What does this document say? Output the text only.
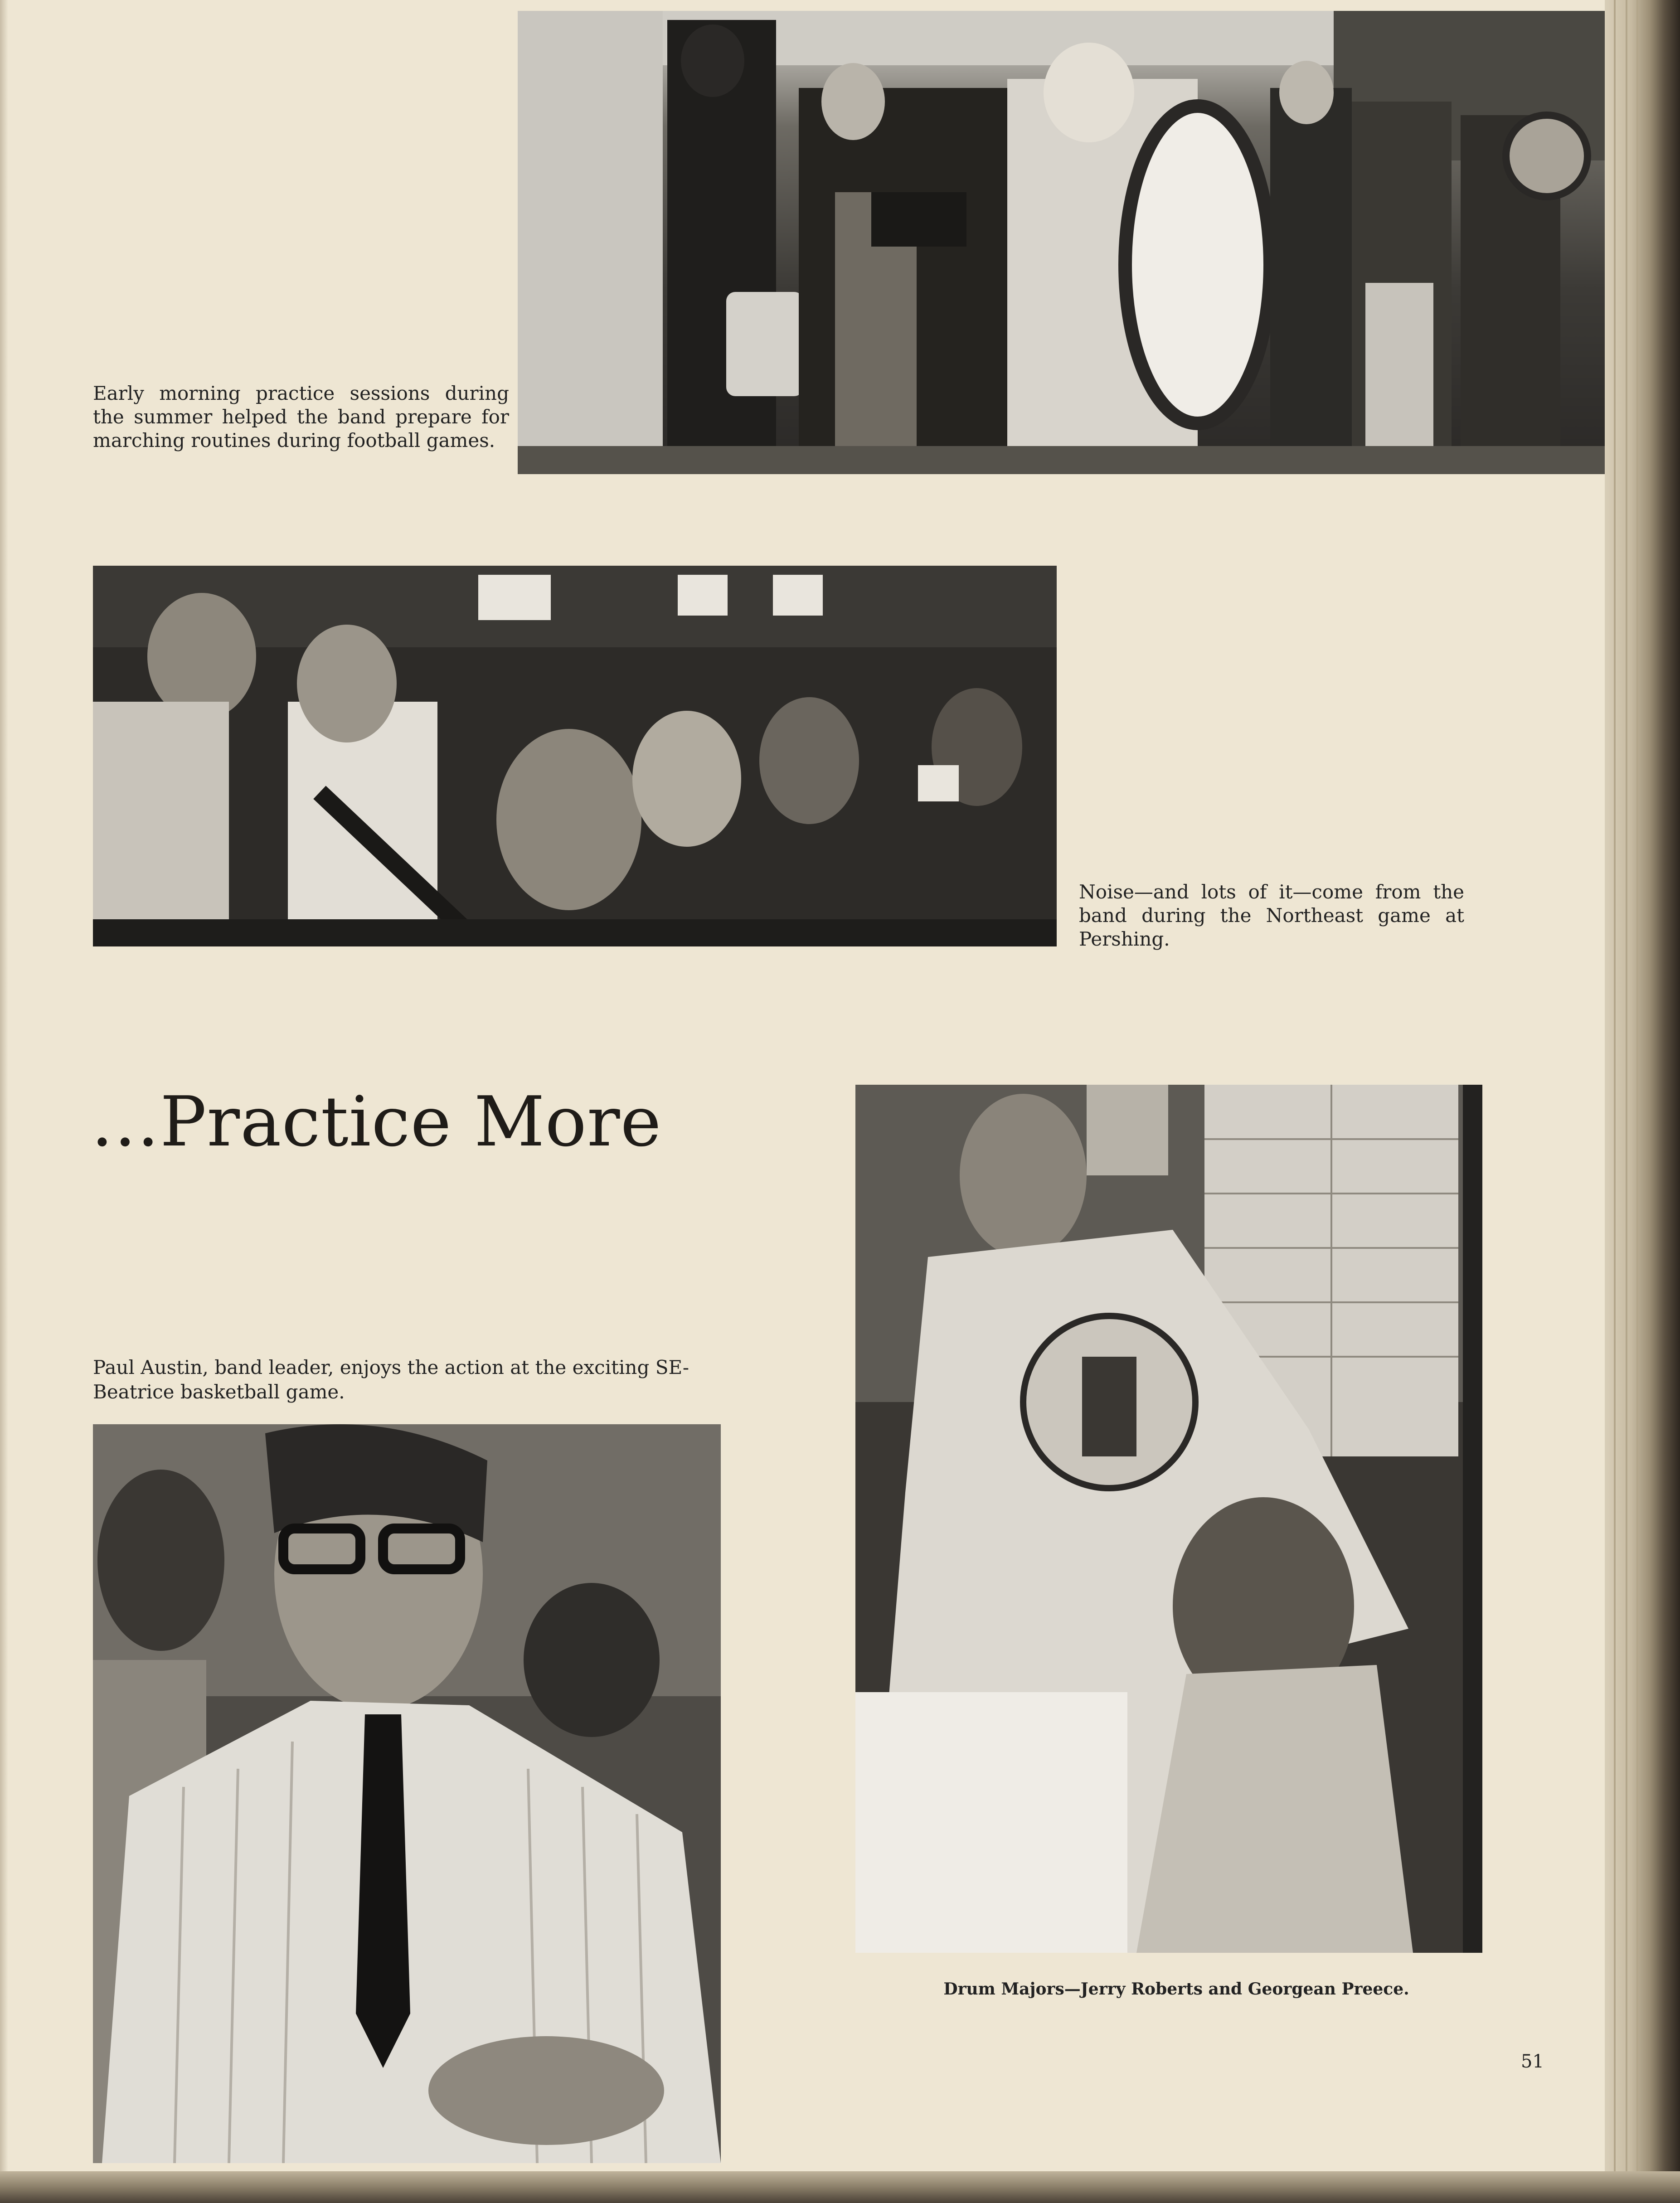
Early morning practice sessions during the summer helped the band prepare for marching routines during football games.

Noise—and lots of it—come from the band during the Northeast game at Pershing.

…Practice More

Drum Majors—Jerry Roberts and Georgean Preece.

Paul Austin, band leader, enjoys the action at the exciting SE-Beatrice basketball game.

51
